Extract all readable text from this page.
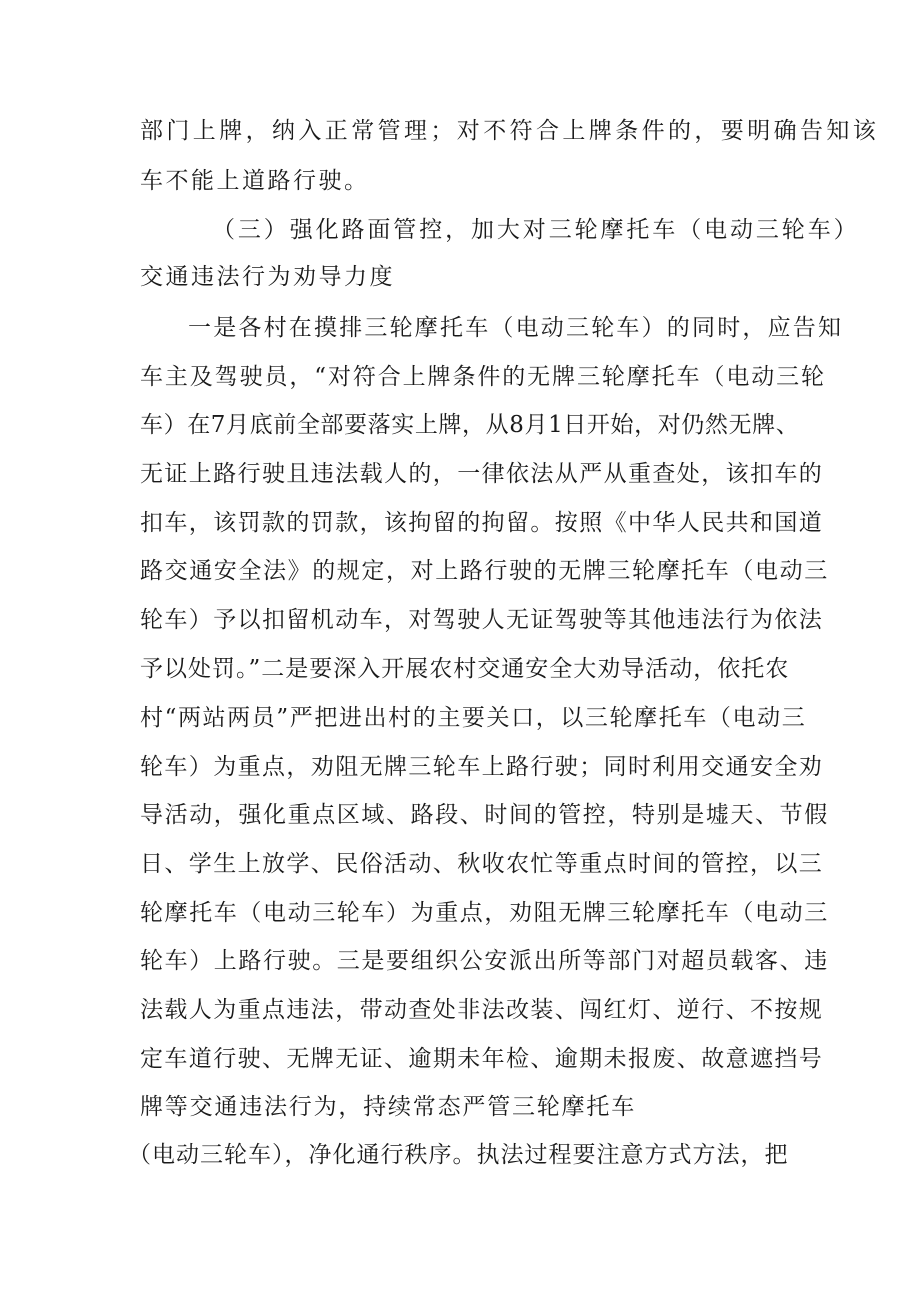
部门上牌，纳入正常管理；对不符合上牌条件的，要明确告知该
车不能上道路行驶。
（三）强化路面管控，加大对三轮摩托车（电动三轮车）
交通违法行为劝导力度
一是各村在摸排三轮摩托车（电动三轮车）的同时，应告知
车主及驾驶员，“对符合上牌条件的无牌三轮摩托车（电动三轮
车）在7月底前全部要落实上牌，从8月1日开始，对仍然无牌、
无证上路行驶且违法载人的，一律依法从严从重查处，该扣车的
扣车，该罚款的罚款，该拘留的拘留。按照《中华人民共和国道
路交通安全法》的规定，对上路行驶的无牌三轮摩托车（电动三
轮车）予以扣留机动车，对驾驶人无证驾驶等其他违法行为依法
予以处罚。”二是要深入开展农村交通安全大劝导活动，依托农
村“两站两员”严把进出村的主要关口，以三轮摩托车（电动三
轮车）为重点，劝阻无牌三轮车上路行驶；同时利用交通安全劝
导活动，强化重点区域、路段、时间的管控，特别是墟天、节假
日、学生上放学、民俗活动、秋收农忙等重点时间的管控，以三
轮摩托车（电动三轮车）为重点，劝阻无牌三轮摩托车（电动三
轮车）上路行驶。三是要组织公安派出所等部门对超员载客、违
法载人为重点违法，带动查处非法改装、闯红灯、逆行、不按规
定车道行驶、无牌无证、逾期未年检、逾期未报废、故意遮挡号
牌等交通违法行为，持续常态严管三轮摩托车
（电动三轮车），净化通行秩序。执法过程要注意方式方法，把
